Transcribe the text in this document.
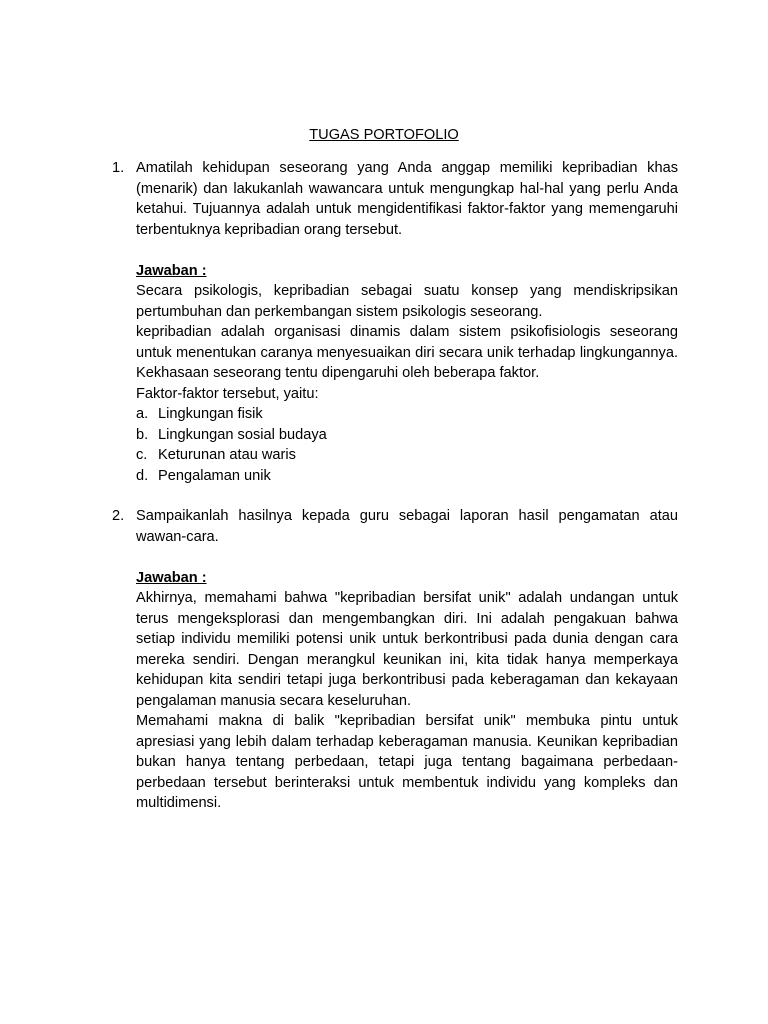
TUGAS PORTOFOLIO
1. Amatilah kehidupan seseorang yang Anda anggap memiliki kepribadian khas (menarik) dan lakukanlah wawancara untuk mengungkap hal-hal yang perlu Anda ketahui. Tujuannya adalah untuk mengidentifikasi faktor-faktor yang memengaruhi terbentuknya kepribadian orang tersebut.

Jawaban :

Secara psikologis, kepribadian sebagai suatu konsep yang mendiskripsikan pertumbuhan dan perkembangan sistem psikologis seseorang.

kepribadian adalah organisasi dinamis dalam sistem psikofisiologis seseorang untuk menentukan caranya menyesuaikan diri secara unik terhadap lingkungannya. Kekhasaan seseorang tentu dipengaruhi oleh beberapa faktor.

Faktor-faktor tersebut, yaitu:

a. Lingkungan fisik
b. Lingkungan sosial budaya
c. Keturunan atau waris
d. Pengalaman unik
2. Sampaikanlah hasilnya kepada guru sebagai laporan hasil pengamatan atau wawan-cara.

Jawaban :

Akhirnya, memahami bahwa "kepribadian bersifat unik" adalah undangan untuk terus mengeksplorasi dan mengembangkan diri. Ini adalah pengakuan bahwa setiap individu memiliki potensi unik untuk berkontribusi pada dunia dengan cara mereka sendiri. Dengan merangkul keunikan ini, kita tidak hanya memperkaya kehidupan kita sendiri tetapi juga berkontribusi pada keberagaman dan kekayaan pengalaman manusia secara keseluruhan.

Memahami makna di balik "kepribadian bersifat unik" membuka pintu untuk apresiasi yang lebih dalam terhadap keberagaman manusia. Keunikan kepribadian bukan hanya tentang perbedaan, tetapi juga tentang bagaimana perbedaan-perbedaan tersebut berinteraksi untuk membentuk individu yang kompleks dan multidimensi.
